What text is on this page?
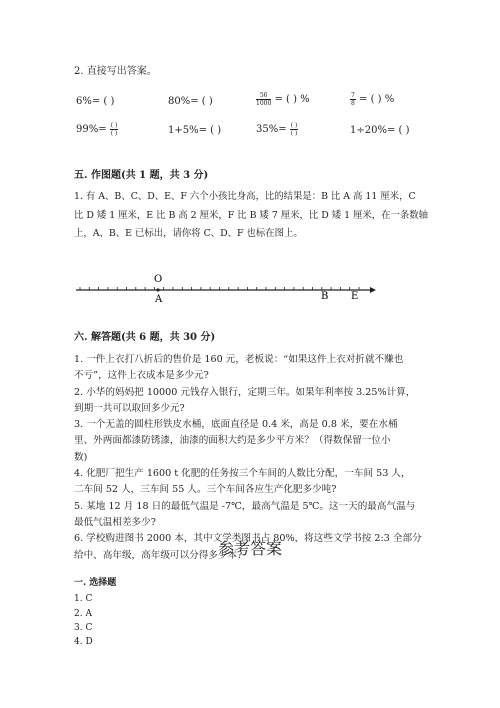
2. 直接写出答案。
6%= ( )	80%= ( )	$\frac{56}{1000}$ = ( ) %	$\frac{7}{8}$ = ( ) %
$99\%= \frac{( )}{( )}$	1+5%= ( )	$35\%= \frac{( )}{( )}$	1÷20%= ( )
五. 作图题(共 1 题，共 3 分)

1. 有 A、B、C、D、E、F 六个小孩比身高，比的结果是：B 比 A 高 11 厘米，C

比 D 矮 1 厘米，E 比 B 高 2 厘米，F 比 B 矮 7 厘米，比 D 矮 1 厘米，在一条数轴

上，A、B、E 已标出，请你将 C、D、F 也标在图上。

O
A	B E
六. 解答题(共 6 题，共 30 分)

1. 一件上衣打八折后的售价是 160 元，老板说：“如果这件上衣对折就不赚也

不亏”，这件上衣成本是多少元?

2. 小华的妈妈把 10000 元钱存入银行，定期三年。如果年利率按 3.25%计算，

到期一共可以取回多少元?

3. 一个无盖的圆柱形铁皮水桶，底面直径是 0.4 米，高是 0.8 米，要在水桶

里、外两面都漆防锈漆，油漆的面积大约是多少平方米？（得数保留一位小

数)

4. 化肥厂把生产 1600 t 化肥的任务按三个车间的人数比分配，一车间 53 人，

二车间 52 人，三车间 55 人。三个车间各应生产化肥多少吨?

5. 某地 12 月 18 日的最低气温是 -7℃，最高气温是 5℃。这一天的最高气温与

最低气温相差多少?

6. 学校购进图书 2000 本，其中文学类图书占 80%，将这些文学书按 2:3 全部分

给中、高年级，高年级可以分得多少本?

参考答案
一. 选择题
1. C
2. A
3. C
4. D
